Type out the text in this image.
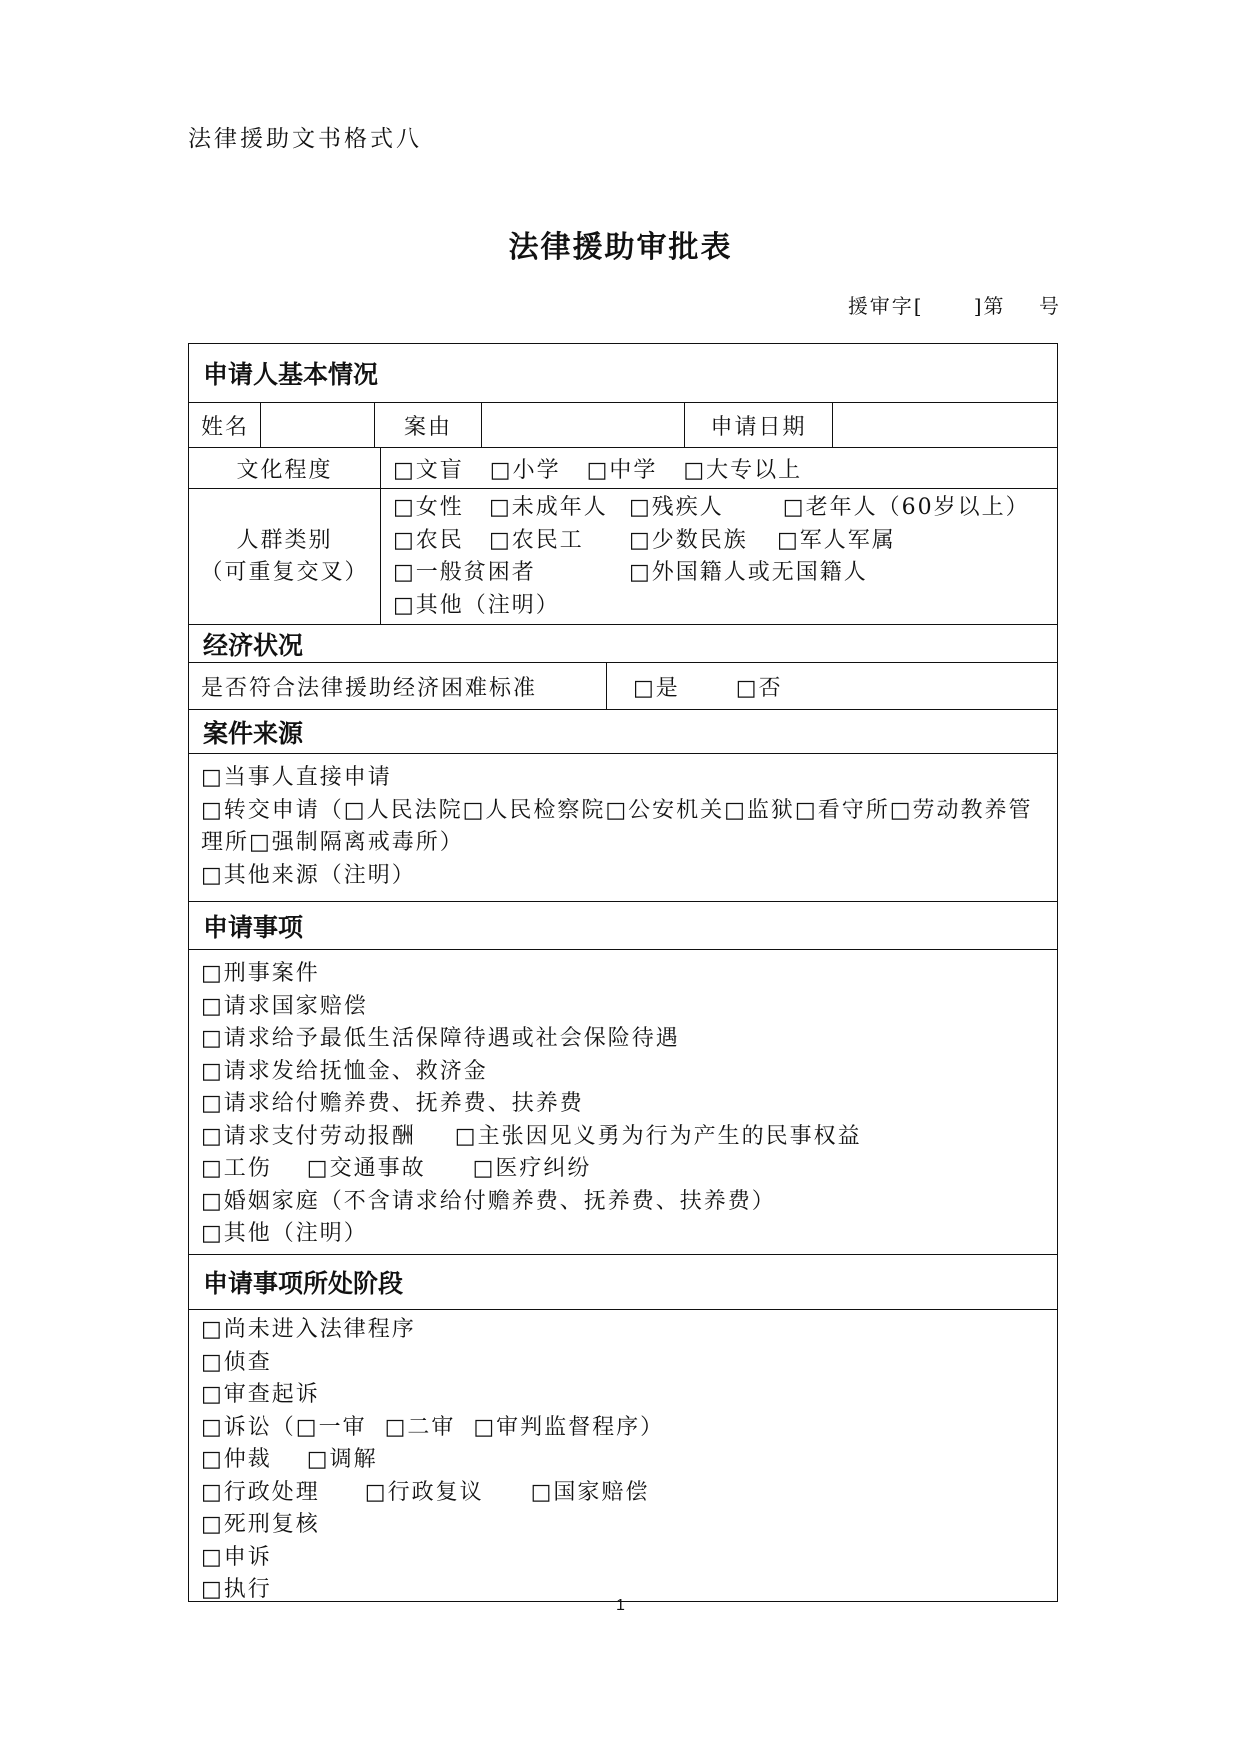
法律援助文书格式八
法律援助审批表
援审字[      ]第    号
申请人基本情况
姓名	案由	申请日期
文化程度	□文盲 □小学 □中学 □大专以上
人群类别
（可重复交叉）
□女性	□未成年人 □残疾人	□老年人（60岁以上）
□农民 □农民工 □少数民族 □军人军属
□一般贫困者	□外国籍人或无国籍人
□其他（注明）
经济状况
是否符合法律援助经济困难标准	□是	□否
案件来源
□当事人直接申请
□转交申请（□人民法院□人民检察院□公安机关□监狱□看守所□劳动教养管理所□强制隔离戒毒所）
□其他来源（注明）
申请事项
□刑事案件
□请求国家赔偿
□请求给予最低生活保障待遇或社会保险待遇
□请求发给抚恤金、救济金
□请求给付赡养费、抚养费、扶养费
□请求支付劳动报酬 □主张因见义勇为行为产生的民事权益
□工伤 □交通事故 □医疗纠纷
□婚姻家庭（不含请求给付赡养费、抚养费、扶养费）
□其他（注明）
申请事项所处阶段
□尚未进入法律程序
□侦查
□审查起诉
□诉讼（□一审 □二审 □审判监督程序）
□仲裁 □调解
□行政处理 □行政复议 □国家赔偿
□死刑复核
□申诉
□执行
1
